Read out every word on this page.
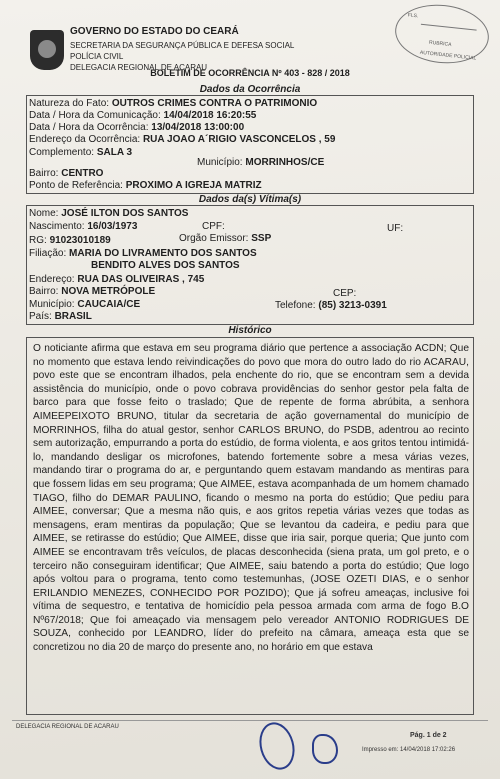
GOVERNO DO ESTADO DO CEARÁ
SECRETARIA DA SEGURANÇA PÚBLICA E DEFESA SOCIAL
POLÍCIA CIVIL
DELEGACIA REGIONAL DE ACARAU
FLS.
RUBRICA
AUTORIDADE POLICIAL
BOLETIM DE OCORRÊNCIA Nº 403 - 828 / 2018
Dados da Ocorrência
Natureza do Fato: OUTROS CRIMES CONTRA O PATRIMONIO
Data / Hora da Comunicação: 14/04/2018 16:20:55
Data / Hora da Ocorrência: 13/04/2018 13:00:00
Endereço da Ocorrência: RUA JOAO A´RIGIO VASCONCELOS , 59
Complemento: SALA 3
Município: MORRINHOS/CE
Bairro: CENTRO
Ponto de Referência: PROXIMO A IGREJA MATRIZ
Dados da(s) Vítima(s)
Nome: JOSÉ ILTON DOS SANTOS
Nascimento: 16/03/1973	CPF:	UF:
RG: 91023010189	Orgão Emissor: SSP
Filiação: MARIA DO LIVRAMENTO DOS SANTOS
BENDITO ALVES DOS SANTOS
Endereço: RUA DAS OLIVEIRAS , 745
Bairro: NOVA METRÓPOLE	CEP:
Município: CAUCAIA/CE	Telefone: (85) 3213-0391
País: BRASIL
Histórico
O noticiante afirma que estava em seu programa diário que pertence a associação ACDN; Que no momento que estava lendo reivindicações do povo que mora do outro lado do rio ACARAU, povo este que se encontram ilhados, pela enchente do rio, que se encontram sem a devida assistência do município, onde o povo cobrava providências do senhor gestor pela falta de barco para que fosse feito o traslado; Que de repente de forma abrúbita, a senhora AIMEEPEIXOTO BRUNO, titular da secretaria de ação governamental do município de MORRINHOS, filha do atual gestor, senhor CARLOS BRUNO, do PSDB, adentrou ao recinto sem autorização, empurrando a porta do estúdio, de forma violenta, e aos gritos tentou intimidá-lo, mandando desligar os microfones, batendo fortemente sobre a mesa várias vezes, mandando tirar o programa do ar, e perguntando quem estavam mandando as mentiras para que fossem lidas em seu programa; Que AIMEE, estava acompanhada de um homem chamado TIAGO, filho do DEMAR PAULINO, ficando o mesmo na porta do estúdio; Que pediu para AIMEE, conversar; Que a mesma não quis, e aos gritos repetia várias vezes que todas as mensagens, eram mentiras da população; Que se levantou da cadeira, e pediu para que AIMEE, se retirasse do estúdio; Que AIMEE, disse que iria sair, porque queria; Que junto com AIMEE se encontravam três veículos, de placas desconhecida (siena prata, um gol preto, e o terceiro não conseguiram identificar; Que AIMEE, saiu batendo a porta do estúdio; Que logo após voltou para o programa, tento como testemunhas, (JOSE OZETI DIAS, e o senhor ERILANDIO MENEZES, CONHECIDO POR POZIDO); Que já sofreu ameaças, inclusive foi vítima de sequestro, e tentativa de homicídio pela pessoa armada com arma de fogo B.O Nº67/2018; Que foi ameaçado via mensagem pelo vereador ANTONIO RODRIGUES DE SOUZA, conhecido por LEANDRO, líder do prefeito na câmara, ameaça esta que se concretizou no dia 20 de março do presente ano, no horário em que estava
DELEGACIA REGIONAL DE ACARAU
Pág. 1 de 2
Impresso em: 14/04/2018 17:02:26
